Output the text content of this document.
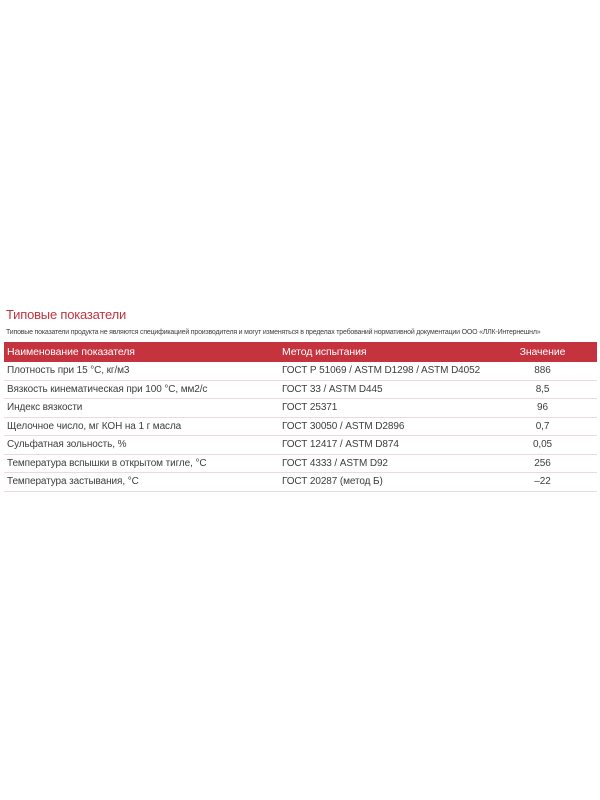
Типовые показатели
Типовые показатели продукта не являются спецификацией производителя и могут изменяться в пределах требований нормативной документации ООО «ЛЛК-Интернешнл»
Наименование показателя	Метод испытания	Значение
Плотность при 15 °С, кг/м3	ГОСТ Р 51069 / ASTM D1298 / ASTM D4052	886
Вязкость кинематическая при 100 °С, мм2/с	ГОСТ 33 / ASTM D445	8,5
Индекс вязкости	ГОСТ 25371	96
Щелочное число, мг КОН на 1 г масла	ГОСТ 30050 / ASTM D2896	0,7
Сульфатная зольность, %	ГОСТ 12417 / ASTM D874	0,05
Температура вспышки в открытом тигле, °С	ГОСТ 4333 / ASTM D92	256
Температура застывания, °С	ГОСТ 20287 (метод Б)	–22
